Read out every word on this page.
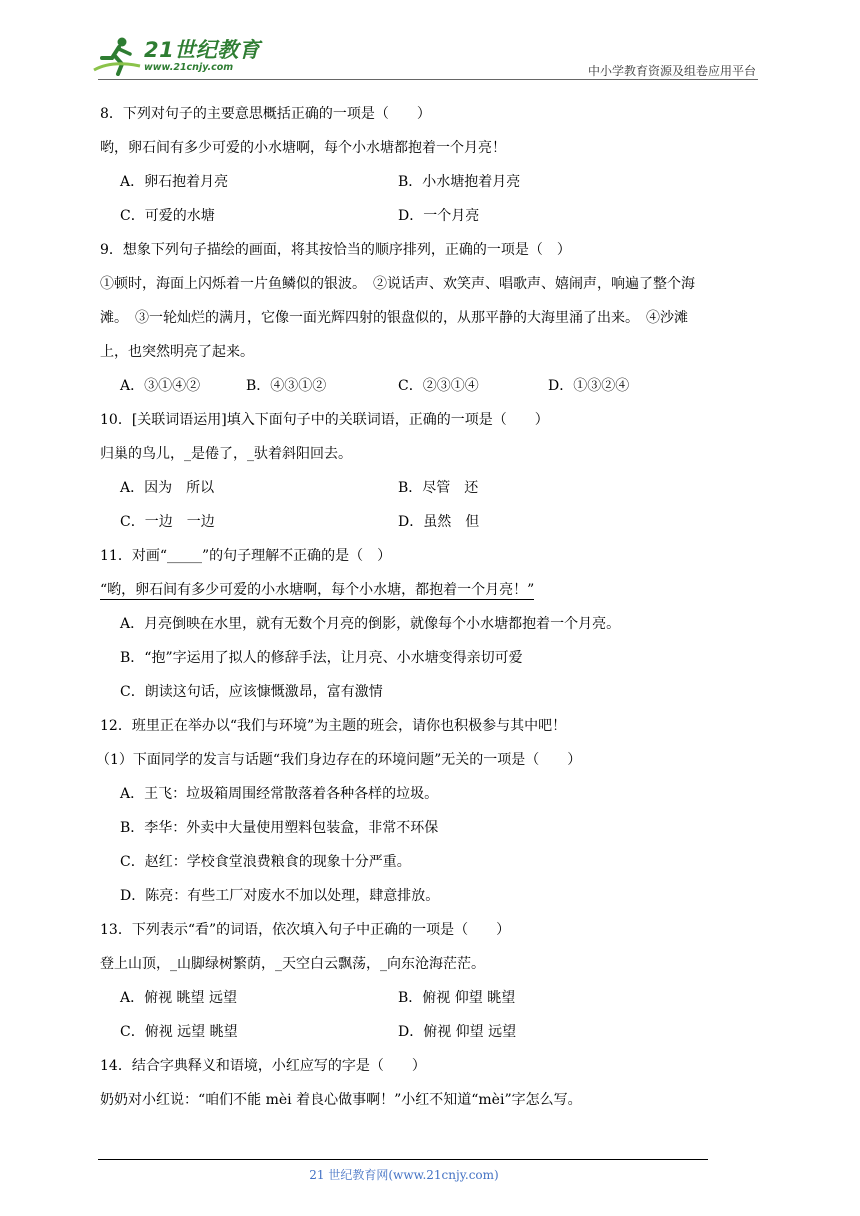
21世纪教育
www.21cnjy.com	中小学教育资源及组卷应用平台
8．下列对句子的主要意思概括正确的一项是（　　）
哟，卵石间有多少可爱的小水塘啊，每个小水塘都抱着一个月亮！
A．卵石抱着月亮	B．小水塘抱着月亮
C．可爱的水塘	D．一个月亮
9．想象下列句子描绘的画面，将其按恰当的顺序排列，正确的一项是（　）
①顿时，海面上闪烁着一片鱼鳞似的银波。　②说话声、欢笑声、唱歌声、嬉闹声，响遍了整个海
滩。　③一轮灿烂的满月，它像一面光辉四射的银盘似的，从那平静的大海里涌了出来。　④沙滩
上，也突然明亮了起来。
A．③①④②	B．④③①②	C．②③①④	D．①③②④
10．[关联词语运用]填入下面句子中的关联词语，正确的一项是（　　）
归巢的鸟儿，_是倦了，_驮着斜阳回去。
A．因为　所以	B．尽管　还
C．一边　一边	D．虽然　但
11．对画“_____”的句子理解不正确的是（　）
“哟，卵石间有多少可爱的小水塘啊，每个小水塘，都抱着一个月亮！”
A．月亮倒映在水里，就有无数个月亮的倒影，就像每个小水塘都抱着一个月亮。
B．“抱”字运用了拟人的修辞手法，让月亮、小水塘变得亲切可爱
C．朗读这句话，应该慷慨激昂，富有激情
12．班里正在举办以“我们与环境”为主题的班会，请你也积极参与其中吧！
（1）下面同学的发言与话题“我们身边存在的环境问题”无关的一项是（　　）
A．王飞：垃圾箱周围经常散落着各种各样的垃圾。
B．李华：外卖中大量使用塑料包装盒，非常不环保
C．赵红：学校食堂浪费粮食的现象十分严重。
D．陈亮：有些工厂对废水不加以处理，肆意排放。
13．下列表示“看”的词语，依次填入句子中正确的一项是（　　）
登上山顶，_山脚绿树繁荫，_天空白云飘荡，_向东沧海茫茫。
A．俯视 眺望 远望	B．俯视 仰望 眺望
C．俯视 远望 眺望	D．俯视 仰望 远望
14．结合字典释义和语境，小红应写的字是（　　）
奶奶对小红说：“咱们不能 mèi 着良心做事啊！”小红不知道“mèi”字怎么写。
21 世纪教育网(www.21cnjy.com)
